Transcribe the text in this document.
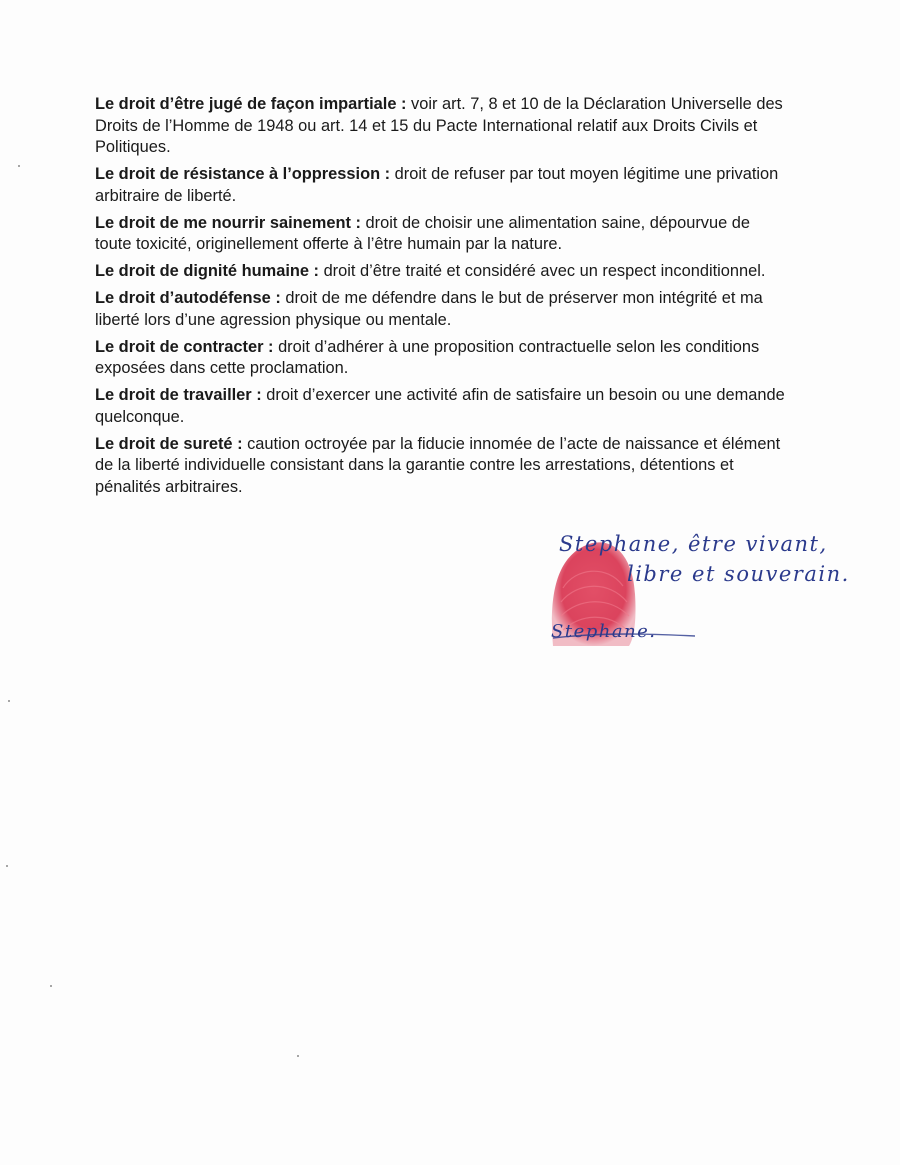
Le droit d’être jugé de façon impartiale : voir art. 7, 8 et 10 de la Déclaration Universelle des Droits de l’Homme de 1948 ou art. 14 et 15 du Pacte International relatif aux Droits Civils et Politiques.

Le droit de résistance à l’oppression : droit de refuser par tout moyen légitime une privation arbitraire de liberté.

Le droit de me nourrir sainement : droit de choisir une alimentation saine, dépourvue de toute toxicité, originellement offerte à l’être humain par la nature.

Le droit de dignité humaine : droit d’être traité et considéré avec un respect inconditionnel.

Le droit d’autodéfense : droit de me défendre dans le but de préserver mon intégrité et ma liberté lors d’une agression physique ou mentale.

Le droit de contracter : droit d’adhérer à une proposition contractuelle selon les conditions exposées dans cette proclamation.

Le droit de travailler : droit d’exercer une activité afin de satisfaire un besoin ou une demande quelconque.

Le droit de sureté : caution octroyée par la fiducie innomée de l’acte de naissance et élément de la liberté individuelle consistant dans la garantie contre les arrestations, détentions et pénalités arbitraires.

Stephane, être vivant,
libre et souverain.
Stephane.
